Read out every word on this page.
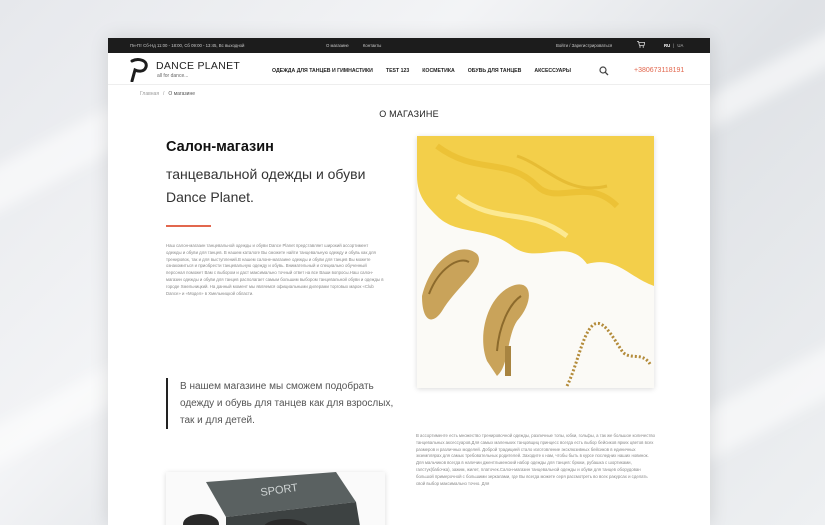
Пн-Пт Сб-Нд 11:00 - 18:00, Сб 09:00 - 13:45, Вс выходной	О магазине	Контакты	Войти / Зарегистрироваться	RU | UA
DANCE PLANET
all for dance...
ОДЕЖДА ДЛЯ ТАНЦЕВ И ГИМНАСТИКИ	TEST 123	КОСМЕТИКА	ОБУВЬ ДЛЯ ТАНЦЕВ	АКСЕССУАРЫ	+380673118191
Главная / О магазине
О МАГАЗИНЕ
Салон-магазин
танцевальной одежды и обуви Dance Planet.

Наш салон-магазин танцевальной одежды и обуви Dance Planet представляет широкий ассортимент одежды и обуви для танцев. В нашем каталоге Вы сможете найти танцевальную одежду и обувь как для тренировок, так и для выступлений.В нашем салоне-магазине одежды и обуви для танцев Вы можете ознакомиться и приобрести танцевальную одежду и обувь. Внимательный и специально обученный персонал поможет Вам с выбором и даст максимально точный ответ на все Ваши вопросы.Наш салон-магазин одежды и обуви для танцев располагает самым большим выбором танцевальной обуви и одежды в городе Хмельницкий. На данный момент мы являемся официальными дилерами торговых марок «Club Dance» и «Модел» в Хмельницкой области.

В нашем магазине мы сможем подобрать одежду и обувь для танцев как для взрослых, так и для детей.

В ассортименте есть множество тренировочной одежды, различные топы, юбки, гольфы, а так же большое количество танцевальных аксессуаров.Для самых маленьких танцовщиц принцесс всегда есть выбор бейсиков ярких цветов всех размеров и различных моделей. Доброй традицией стало изготовление эксклюзивных бейсиков в единичных экземплярах для самых требовательных родителей. Заходите к нам, чтобы быть в курсе последних наших новинок. Для мальчиков всегда в наличии джентльменский набор одежды для танцев: брюки, рубашка с шортиками, галстук(бабочка), зажим, жилет, платочек.Салон-магазин танцевальной одежды и обуви для танцев оборудован большой примерочной с большими зеркалами, где Вы всегда можете сеpя рассмотреть во всех ракурсах и сделать свой выбор максимально точно. Для

SPORT
